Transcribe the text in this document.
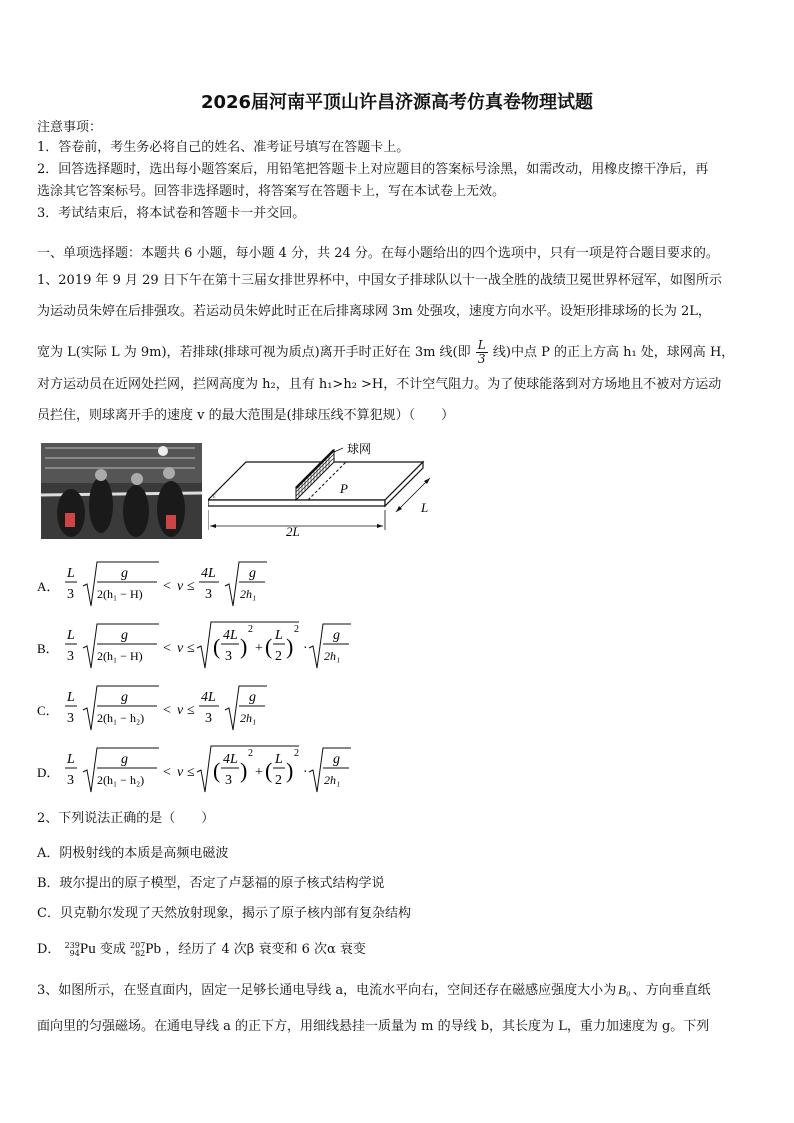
2026届河南平顶山许昌济源高考仿真卷物理试题
注意事项：
1．答卷前，考生务必将自己的姓名、准考证号填写在答题卡上。
2．回答选择题时，选出每小题答案后，用铅笔把答题卡上对应题目的答案标号涂黑，如需改动，用橡皮擦干净后，再
选涂其它答案标号。回答非选择题时，将答案写在答题卡上，写在本试卷上无效。
3．考试结束后，将本试卷和答题卡一并交回。
一、单项选择题：本题共 6 小题，每小题 4 分，共 24 分。在每小题给出的四个选项中，只有一项是符合题目要求的。
1、2019 年 9 月 29 日下午在第十三届女排世界杯中，中国女子排球队以十一战全胜的战绩卫冕世界杯冠军，如图所示
为运动员朱婷在后排强攻。若运动员朱婷此时正在后排离球网 3m 处强攻，速度方向水平。设矩形排球场的长为 2L，
宽为 L(实际 L 为 9m)，若排球(排球可视为质点)离开手时正好在 3m 线(即 $\frac{L}{3}$ 线)中点 P 的正上方高 h₁ 处，球网高 H，
对方运动员在近网处拦网，拦网高度为 h₂，且有 h₁>h₂ >H，不计空气阻力。为了使球能落到对方场地且不被对方运动
员拦住，则球离开手的速度 v 的最大范围是(排球压线不算犯规）（　　）
球网
P
ε
2L
L
A．
L
3
g
2(h₁ − H) < v ≤
4L
3
g
2h₁
B．
L
3
g
2(h₁ − H) < v ≤ ( 4L
3 )
2
+ ( L
2 )
2
·
g
2h₁
C．
L
3
g
2(h₁ − h₂) < v ≤
4L
3
g
2h₁
D．
L
3
g
2(h₁ − h₂) < v ≤ ( 4L
3 )
2
+ ( L
2 )
2
·
g
2h₁
2、下列说法正确的是（　　）
A．阴极射线的本质是高频电磁波
B．玻尔提出的原子模型，否定了卢瑟福的原子核式结构学说
C．贝克勒尔发现了天然放射现象，揭示了原子核内部有复杂结构
D． 239
94 Pu 变成 207
82 Pb ，经历了 4 次β 衰变和 6 次α 衰变
3、如图所示，在竖直面内，固定一足够长通电导线 a，电流水平向右，空间还存在磁感应强度大小为 B₀ 、方向垂直纸
面向里的匀强磁场。在通电导线 a 的正下方，用细线悬挂一质量为 m 的导线 b，其长度为 L，重力加速度为 g。下列
